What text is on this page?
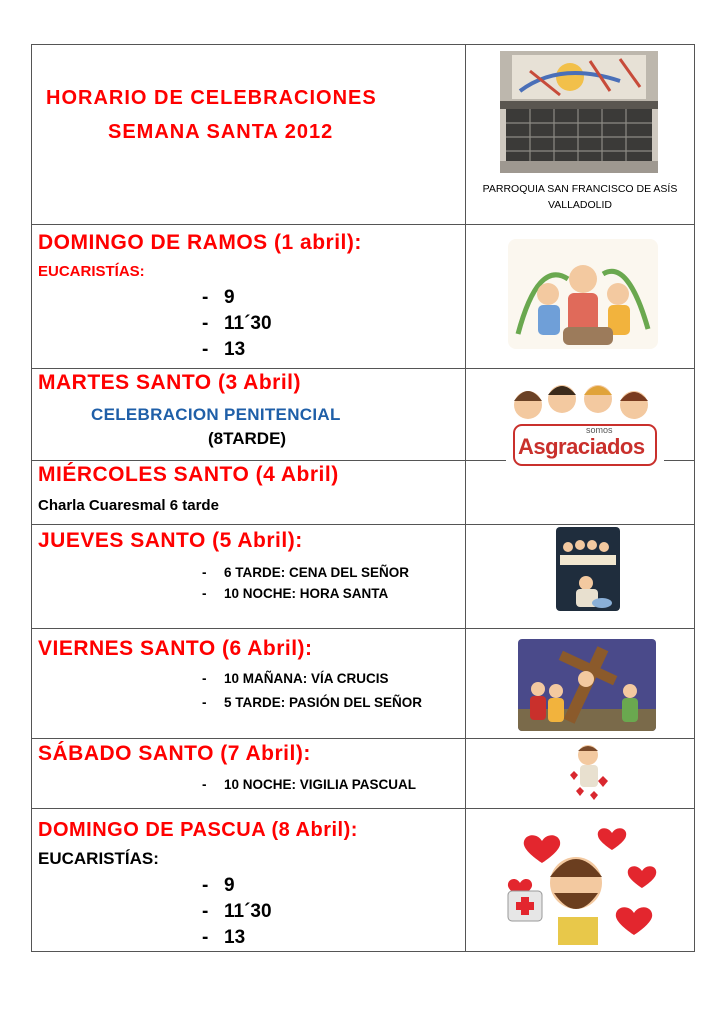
HORARIO DE CELEBRACIONES
SEMANA SANTA 2012
PARROQUIA SAN FRANCISCO DE ASÍS
VALLADOLID
DOMINGO DE RAMOS (1 abril):
EUCARISTÍAS:
- 9
- 11´30
- 13
MARTES SANTO (3 Abril)
CELEBRACION PENITENCIAL
(8TARDE)	somos
Asgraciados
MIÉRCOLES SANTO (4 Abril)
Charla Cuaresmal 6 tarde
JUEVES SANTO (5 Abril):
- 6 TARDE: CENA DEL SEÑOR
- 10 NOCHE: HORA SANTA
VIERNES SANTO (6 Abril):
- 10 MAÑANA: VÍA CRUCIS
- 5 TARDE: PASIÓN DEL SEÑOR
SÁBADO SANTO (7 Abril):
- 10 NOCHE: VIGILIA PASCUAL
DOMINGO DE PASCUA (8 Abril):
EUCARISTÍAS:
- 9
- 11´30
- 13
